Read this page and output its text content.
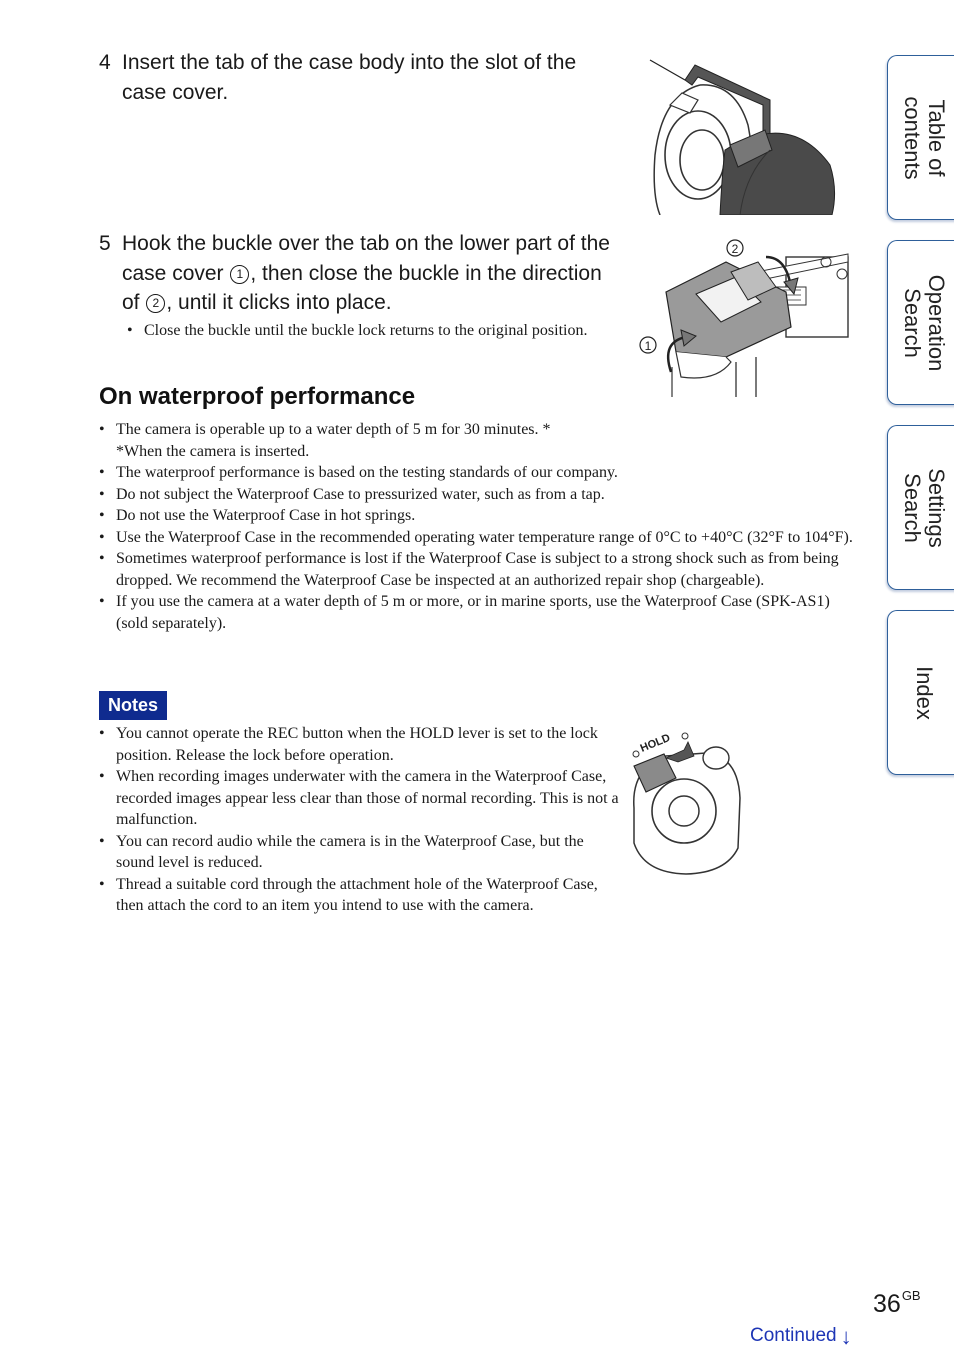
4 Insert the tab of the case body into the slot of the case cover.
5 Hook the buckle over the tab on the lower part of the case cover 1 , then close the buckle in the direction of 2 , until it clicks into place.
• Close the buckle until the buckle lock returns to the original position.
2
1
On waterproof performance
• The camera is operable up to a water depth of 5 m for 30 minutes. *
*When the camera is inserted.
• The waterproof performance is based on the testing standards of our company.
• Do not subject the Waterproof Case to pressurized water, such as from a tap.
• Do not use the Waterproof Case in hot springs.
• Use the Waterproof Case in the recommended operating water temperature range of 0°C to +40°C (32°F to 104°F).
• Sometimes waterproof performance is lost if the Waterproof Case is subject to a strong shock such as from being dropped. We recommend the Waterproof Case be inspected at an authorized repair shop (chargeable).
• If you use the camera at a water depth of 5 m or more, or in marine sports, use the Waterproof Case (SPK-AS1) (sold separately).
Notes
• You cannot operate the REC button when the HOLD lever is set to the lock position. Release the lock before operation.
• When recording images underwater with the camera in the Waterproof Case, recorded images appear less clear than those of normal recording. This is not a malfunction.
• You can record audio while the camera is in the Waterproof Case, but the sound level is reduced.
• Thread a suitable cord through the attachment hole of the Waterproof Case, then attach the cord to an item you intend to use with the camera.
HOLD
Table of
contents
Operation
Search
Settings
Search
Index
$36^{GB}$
Continued ↓
